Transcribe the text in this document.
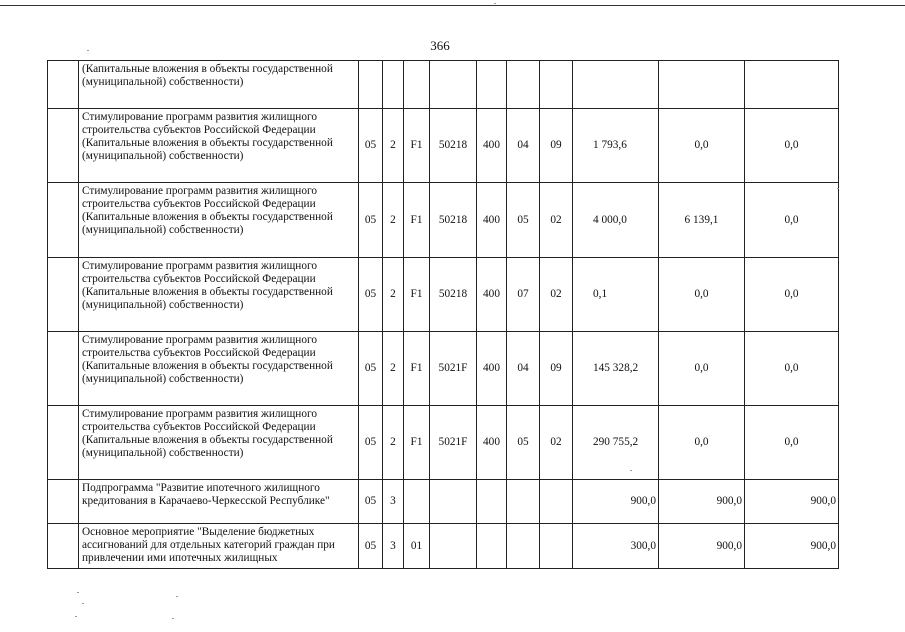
366
	(Капитальные вложения в объекты государственной (муниципальной) собственности)										
	Стимулирование программ развития жилищного строительства субъектов Российской Федерации (Капитальные вложения в объекты государственной (муниципальной) собственности)	05	2	F1	50218	400	04	09	1 793,6	0,0	0,0
	Стимулирование программ развития жилищного строительства субъектов Российской Федерации (Капитальные вложения в объекты государственной (муниципальной) собственности)	05	2	F1	50218	400	05	02	4 000,0	6 139,1	0,0
	Стимулирование программ развития жилищного строительства субъектов Российской Федерации (Капитальные вложения в объекты государственной (муниципальной) собственности)	05	2	F1	50218	400	07	02	0,1	0,0	0,0
	Стимулирование программ развития жилищного строительства субъектов Российской Федерации (Капитальные вложения в объекты государственной (муниципальной) собственности)	05	2	F1	5021F	400	04	09	145 328,2	0,0	0,0
	Стимулирование программ развития жилищного строительства субъектов Российской Федерации (Капитальные вложения в объекты государственной (муниципальной) собственности)	05	2	F1	5021F	400	05	02	290 755,2	0,0	0,0
	Подпрограмма "Развитие ипотечного жилищного кредитования в Карачаево-Черкесской Республике"	05	3						900,0	900,0	900,0
	Основное мероприятие "Выделение бюджетных ассигнований для отдельных категорий граждан при привлечении ими ипотечных жилищных	05	3	01					300,0	900,0	900,0
